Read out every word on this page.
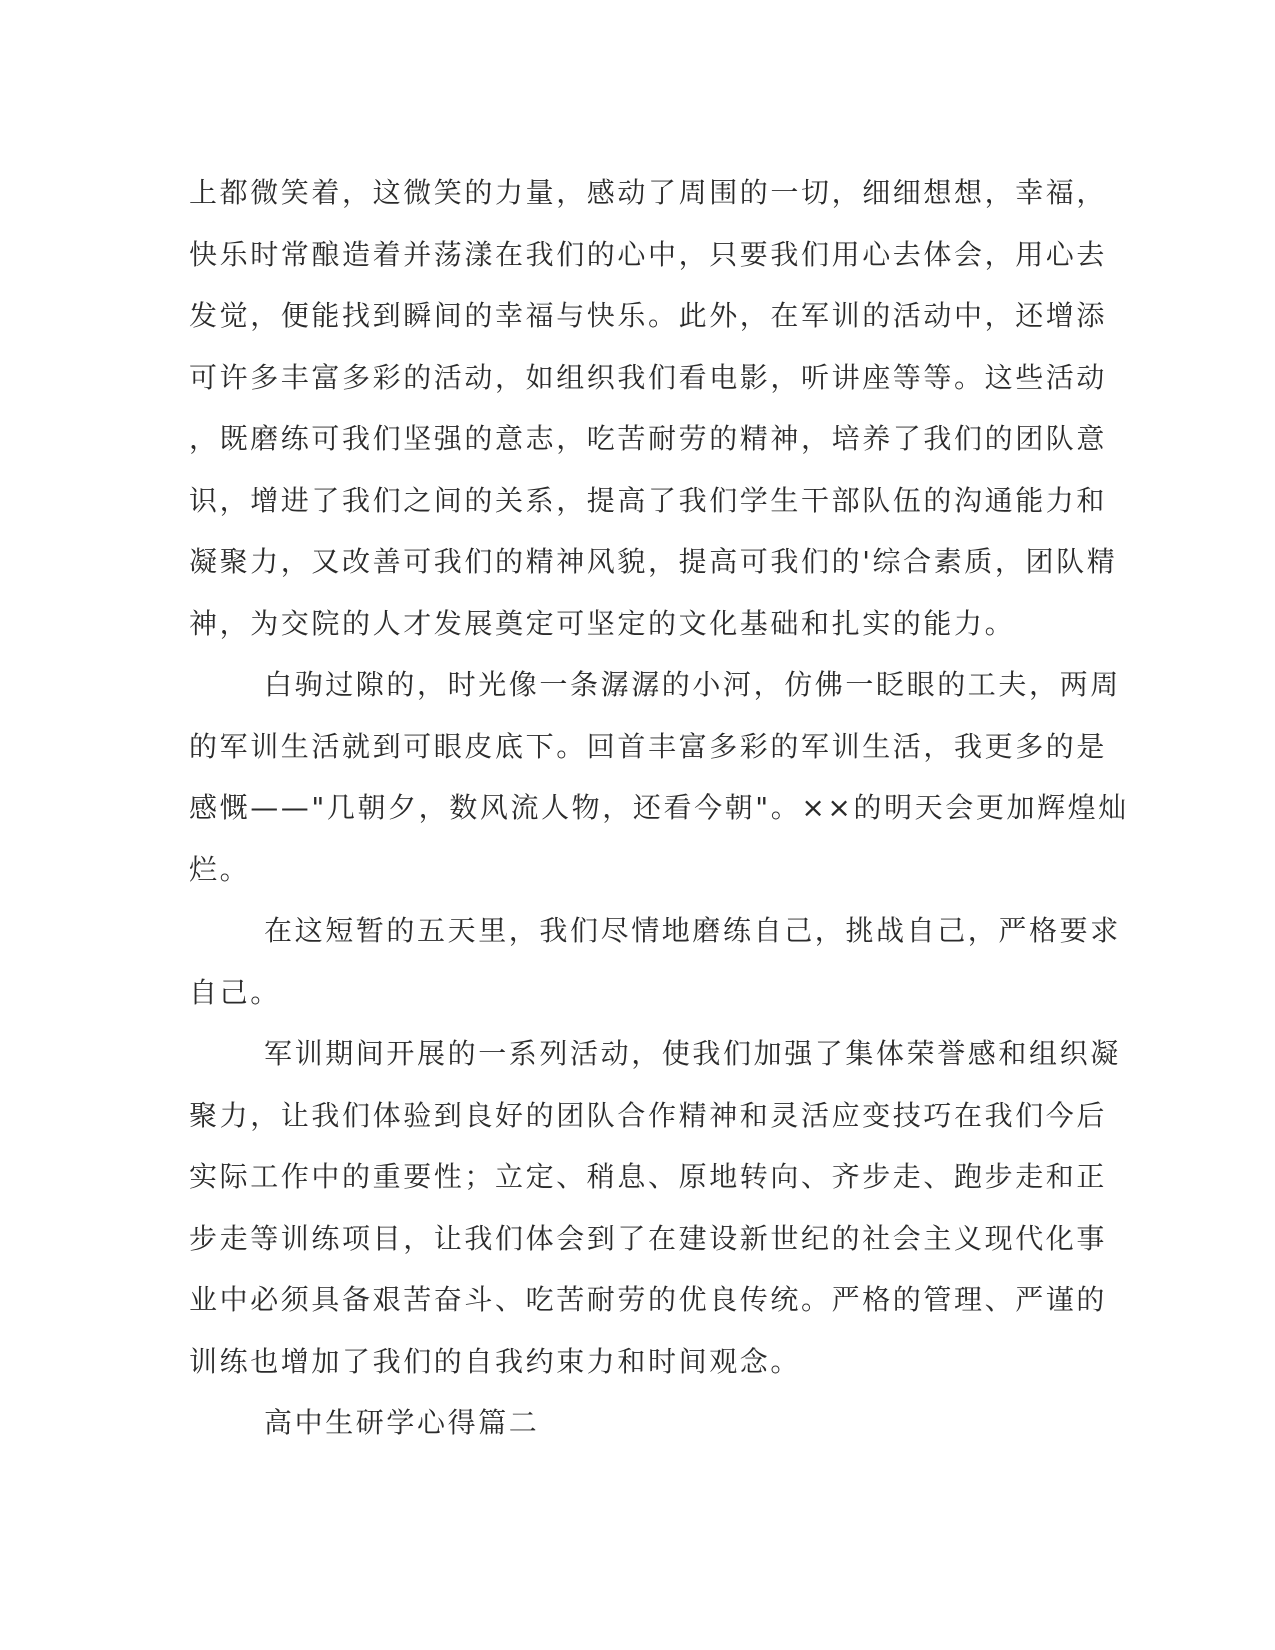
上都微笑着，这微笑的力量，感动了周围的一切，细细想想，幸福，
快乐时常酿造着并荡漾在我们的心中，只要我们用心去体会，用心去
发觉，便能找到瞬间的幸福与快乐。此外，在军训的活动中，还增添
可许多丰富多彩的活动，如组织我们看电影，听讲座等等。这些活动
，既磨练可我们坚强的意志，吃苦耐劳的精神，培养了我们的团队意
识，增进了我们之间的关系，提高了我们学生干部队伍的沟通能力和
凝聚力，又改善可我们的精神风貌，提高可我们的'综合素质，团队精
神，为交院的人才发展奠定可坚定的文化基础和扎实的能力。

白驹过隙的，时光像一条潺潺的小河，仿佛一眨眼的工夫，两周
的军训生活就到可眼皮底下。回首丰富多彩的军训生活，我更多的是
感慨——"几朝夕，数风流人物，还看今朝"。××的明天会更加辉煌灿
烂。

在这短暂的五天里，我们尽情地磨练自己，挑战自己，严格要求
自己。

军训期间开展的一系列活动，使我们加强了集体荣誉感和组织凝
聚力，让我们体验到良好的团队合作精神和灵活应变技巧在我们今后
实际工作中的重要性；立定、稍息、原地转向、齐步走、跑步走和正
步走等训练项目，让我们体会到了在建设新世纪的社会主义现代化事
业中必须具备艰苦奋斗、吃苦耐劳的优良传统。严格的管理、严谨的
训练也增加了我们的自我约束力和时间观念。

高中生研学心得篇二
